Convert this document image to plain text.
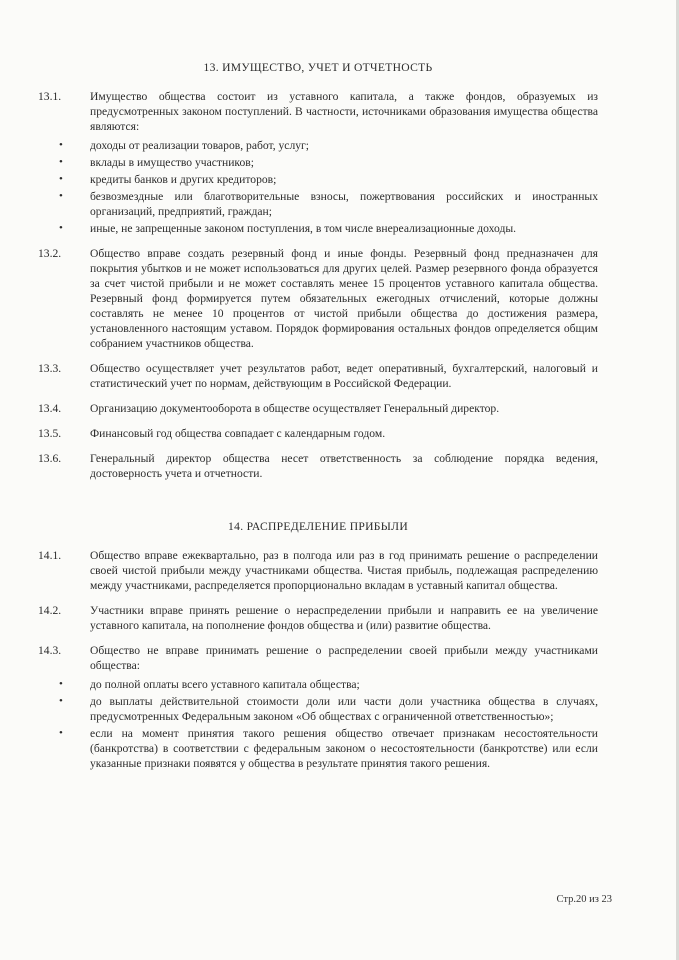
13. ИМУЩЕСТВО, УЧЕТ И ОТЧЕТНОСТЬ
13.1.	Имущество общества состоит из уставного капитала, а также фондов, образуемых из предусмотренных законом поступлений. В частности, источниками образования имущества общества являются:
• доходы от реализации товаров, работ, услуг;
• вклады в имущество участников;
• кредиты банков и других кредиторов;
• безвозмездные или благотворительные взносы, пожертвования российских и иностранных организаций, предприятий, граждан;
• иные, не запрещенные законом поступления, в том числе внереализационные доходы.
13.2.	Общество вправе создать резервный фонд и иные фонды. Резервный фонд предназначен для покрытия убытков и не может использоваться для других целей. Размер резервного фонда образуется за счет чистой прибыли и не может составлять менее 15 процентов уставного капитала общества. Резервный фонд формируется путем обязательных ежегодных отчислений, которые должны составлять не менее 10 процентов от чистой прибыли общества до достижения размера, установленного настоящим уставом. Порядок формирования остальных фондов определяется общим собранием участников общества.
13.3.	Общество осуществляет учет результатов работ, ведет оперативный, бухгалтерский, налоговый и статистический учет по нормам, действующим в Российской Федерации.
13.4.	Организацию документооборота в обществе осуществляет Генеральный директор.
13.5.	Финансовый год общества совпадает с календарным годом.
13.6.	Генеральный директор общества несет ответственность за соблюдение порядка ведения, достоверность учета и отчетности.
14. РАСПРЕДЕЛЕНИЕ ПРИБЫЛИ
14.1.	Общество вправе ежеквартально, раз в полгода или раз в год принимать решение о распределении своей чистой прибыли между участниками общества. Чистая прибыль, подлежащая распределению между участниками, распределяется пропорционально вкладам в уставный капитал общества.
14.2.	Участники вправе принять решение о нераспределении прибыли и направить ее на увеличение уставного капитала, на пополнение фондов общества и (или) развитие общества.
14.3.	Общество не вправе принимать решение о распределении своей прибыли между участниками общества:
• до полной оплаты всего уставного капитала общества;
• до выплаты действительной стоимости доли или части доли участника общества в случаях, предусмотренных Федеральным законом «Об обществах с ограниченной ответственностью»;
• если на момент принятия такого решения общество отвечает признакам несостоятельности (банкротства) в соответствии с федеральным законом о несостоятельности (банкротстве) или если указанные признаки появятся у общества в результате принятия такого решения.
Стр.20 из 23
